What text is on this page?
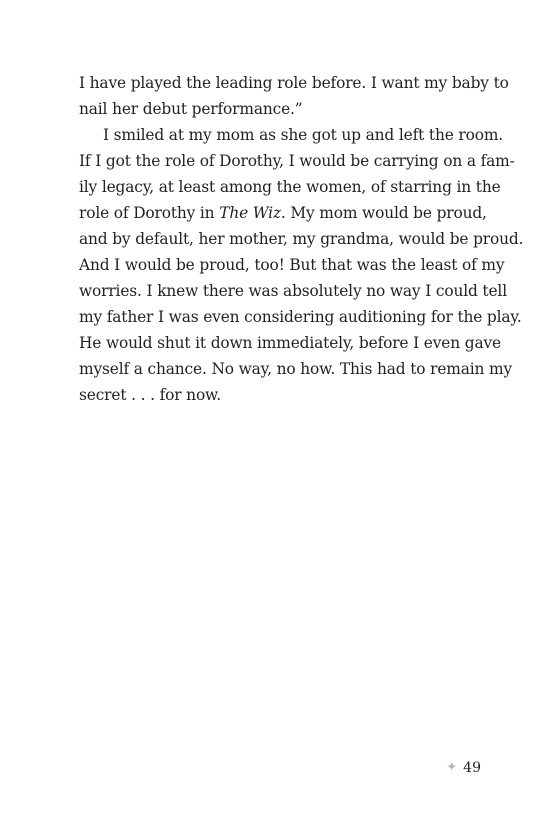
I have played the leading role before. I want my baby to
nail her debut performance.”
I smiled at my mom as she got up and left the room.
If I got the role of Dorothy, I would be carrying on a fam-
ily legacy, at least among the women, of starring in the
role of Dorothy in The Wiz. My mom would be proud,
and by default, her mother, my grandma, would be proud.
And I would be proud, too! But that was the least of my
worries. I knew there was absolutely no way I could tell
my father I was even considering auditioning for the play.
He would shut it down immediately, before I even gave
myself a chance. No way, no how. This had to remain my
secret . . . for now.
✦ 49
